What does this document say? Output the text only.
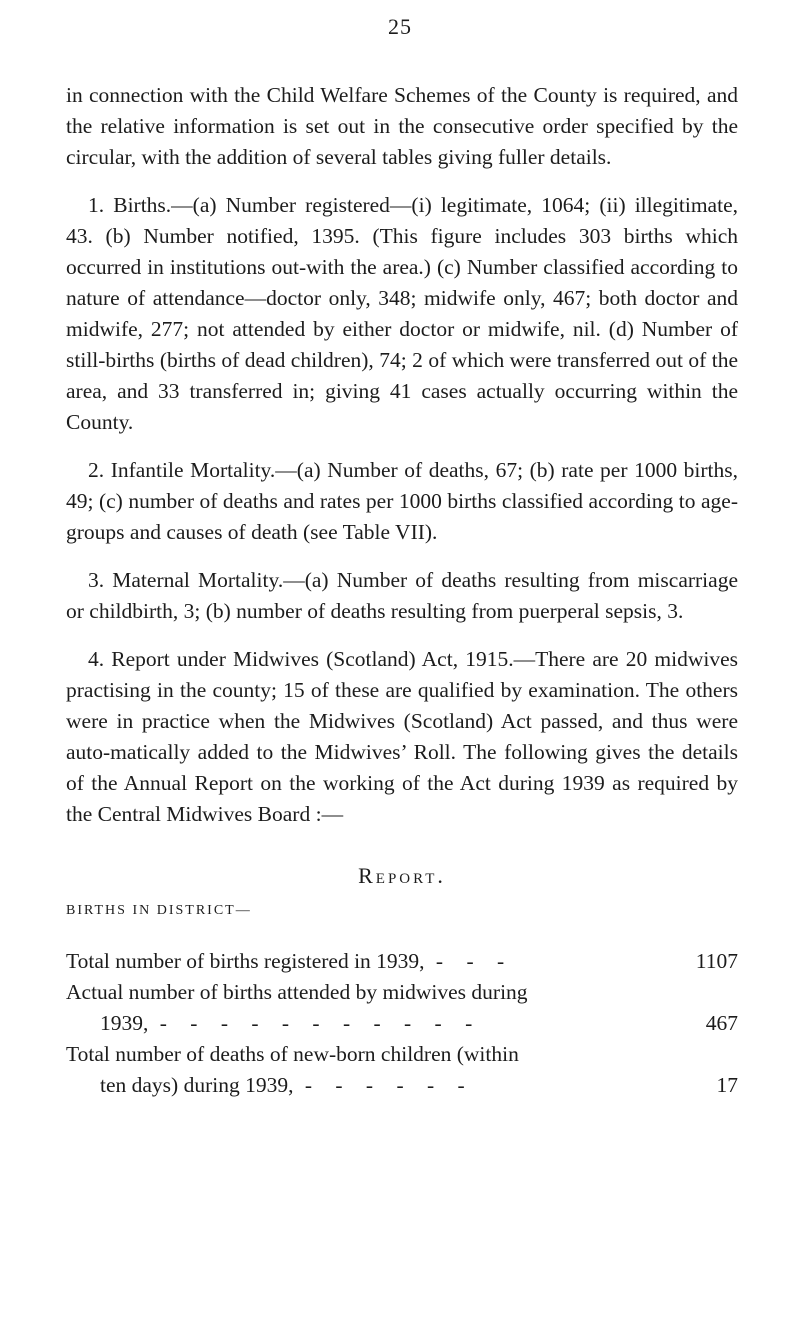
25

in connection with the Child Welfare Schemes of the County is required, and the relative information is set out in the consecutive order specified by the circular, with the addition of several tables giving fuller details.

1. Births.—(a) Number registered—(i) legitimate, 1064; (ii) illegitimate, 43. (b) Number notified, 1395. (This figure includes 303 births which occurred in institutions out-with the area.) (c) Number classified according to nature of attendance—doctor only, 348; midwife only, 467; both doctor and midwife, 277; not attended by either doctor or midwife, nil. (d) Number of still-births (births of dead children), 74; 2 of which were transferred out of the area, and 33 transferred in; giving 41 cases actually occurring within the County.

2. Infantile Mortality.—(a) Number of deaths, 67; (b) rate per 1000 births, 49; (c) number of deaths and rates per 1000 births classified according to age-groups and causes of death (see Table VII).

3. Maternal Mortality.—(a) Number of deaths resulting from miscarriage or childbirth, 3; (b) number of deaths resulting from puerperal sepsis, 3.

4. Report under Midwives (Scotland) Act, 1915.—There are 20 midwives practising in the county; 15 of these are qualified by examination. The others were in practice when the Midwives (Scotland) Act passed, and thus were auto-matically added to the Midwives’ Roll. The following gives the details of the Annual Report on the working of the Act during 1939 as required by the Central Midwives Board :—

Report.
BIRTHS IN DISTRICT—
Total number of births registered in 1939, - - -	1107
Actual number of births attended by midwives during
1939, - - - - - - - - - - -	467
Total number of deaths of new-born children (within
ten days) during 1939, - - - - - -	17
